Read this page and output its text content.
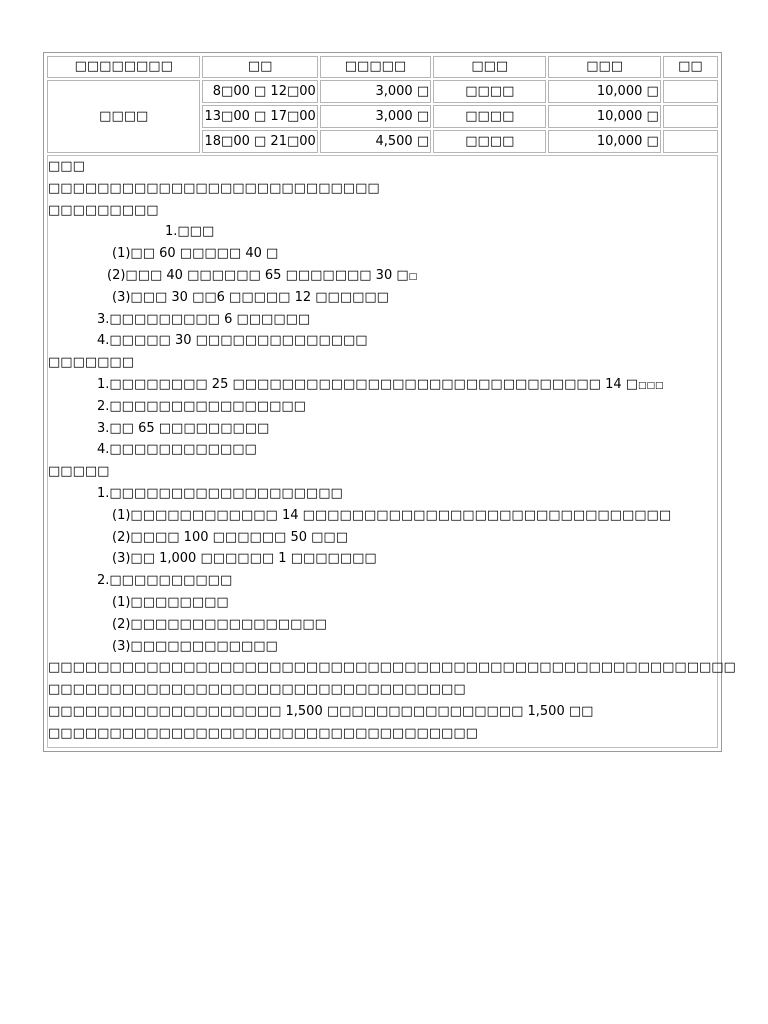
□□□□□□□□	□□	□□□□□	□□□	□□□	□□
□□□□	8□00 □ 12□00	3,000 □	□□□□	10,000 □	
	13□00 □ 17□00	3,000 □	□□□□	10,000 □	
	18□00 □ 21□00	4,500 □	□□□□	10,000 □	
□□□
□□□□□□□□□□□□□□□□□□□□□□□□□□□
□□□□□□□□□
1.□□□
(1)□□ 60 □□□□□ 40 □
(2)□□□ 40 □□□□□□ 65 □□□□□□□ 30 □□
(3)□□□ 30 □□6 □□□□□ 12 □□□□□□
3.□□□□□□□□□ 6 □□□□□□
4.□□□□□ 30 □□□□□□□□□□□□□□
□□□□□□□
1.□□□□□□□□ 25 □□□□□□□□□□□□□□□□□□□□□□□□□□□□□□ 14 □□□□
2.□□□□□□□□□□□□□□□□
3.□□ 65 □□□□□□□□□
4.□□□□□□□□□□□□
□□□□□
1.□□□□□□□□□□□□□□□□□□□
(1)□□□□□□□□□□□□ 14 □□□□□□□□□□□□□□□□□□□□□□□□□□□□□□
(2)□□□□ 100 □□□□□□ 50 □□□
(3)□□ 1,000 □□□□□□ 1 □□□□□□□
2.□□□□□□□□□□
(1)□□□□□□□□
(2)□□□□□□□□□□□□□□□□
(3)□□□□□□□□□□□□
□□□□□□□□□□□□□□□□□□□□□□□□□□□□□□□□□□□□□□□□□□□□□□□□□□□□□□□□
□□□□□□□□□□□□□□□□□□□□□□□□□□□□□□□□□□
□□□□□□□□□□□□□□□□□□□ 1,500 □□□□□□□□□□□□□□□□ 1,500 □□
□□□□□□□□□□□□□□□□□□□□□□□□□□□□□□□□□□□
